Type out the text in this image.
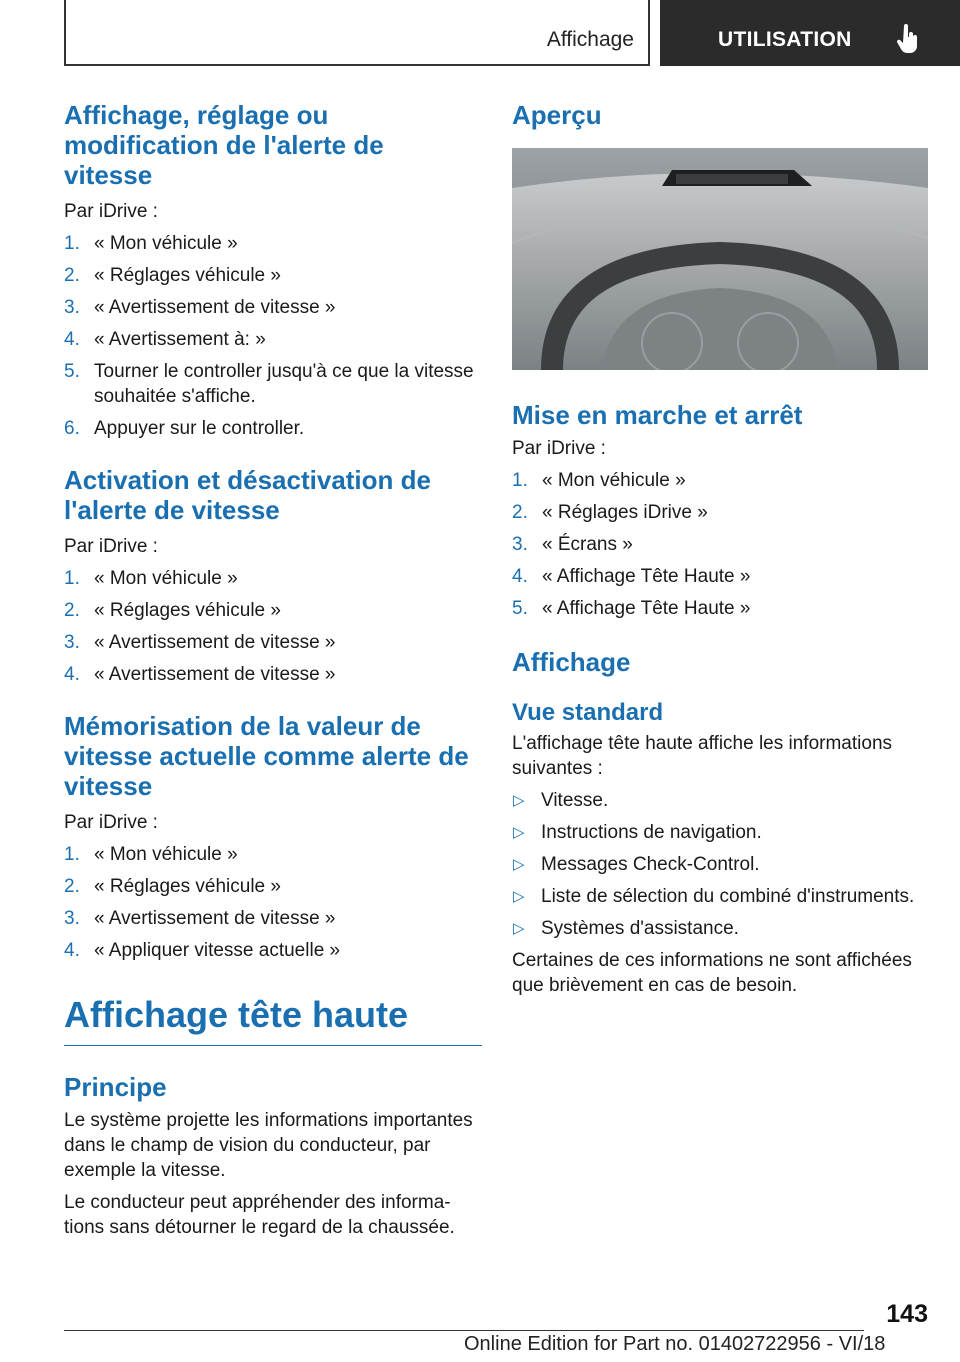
Affichage	UTILISATION
Affichage, réglage ou
modification de l'alerte de
vitesse
Par iDrive :
1. « Mon véhicule »
2. « Réglages véhicule »
3. « Avertissement de vitesse »
4. « Avertissement à: »
5. Tourner le controller jusqu'à ce que la vitesse souhaitée s'affiche.
6. Appuyer sur le controller.
Activation et désactivation de
l'alerte de vitesse
Par iDrive :
1. « Mon véhicule »
2. « Réglages véhicule »
3. « Avertissement de vitesse »
4. « Avertissement de vitesse »
Mémorisation de la valeur de
vitesse actuelle comme alerte de
vitesse
Par iDrive :
1. « Mon véhicule »
2. « Réglages véhicule »
3. « Avertissement de vitesse »
4. « Appliquer vitesse actuelle »
Affichage tête haute
Principe
Le système projette les informations importantes dans le champ de vision du conducteur, par exemple la vitesse.
Le conducteur peut appréhender des informa-tions sans détourner le regard de la chaussée.
Aperçu
Mise en marche et arrêt
Par iDrive :
1. « Mon véhicule »
2. « Réglages iDrive »
3. « Écrans »
4. « Affichage Tête Haute »
5. « Affichage Tête Haute »
Affichage
Vue standard
L'affichage tête haute affiche les informations suivantes :
▷ Vitesse.
▷ Instructions de navigation.
▷ Messages Check-Control.
▷ Liste de sélection du combiné d'instruments.
▷ Systèmes d'assistance.
Certaines de ces informations ne sont affichées que brièvement en cas de besoin.
143
Online Edition for Part no. 01402722956 - VI/18
